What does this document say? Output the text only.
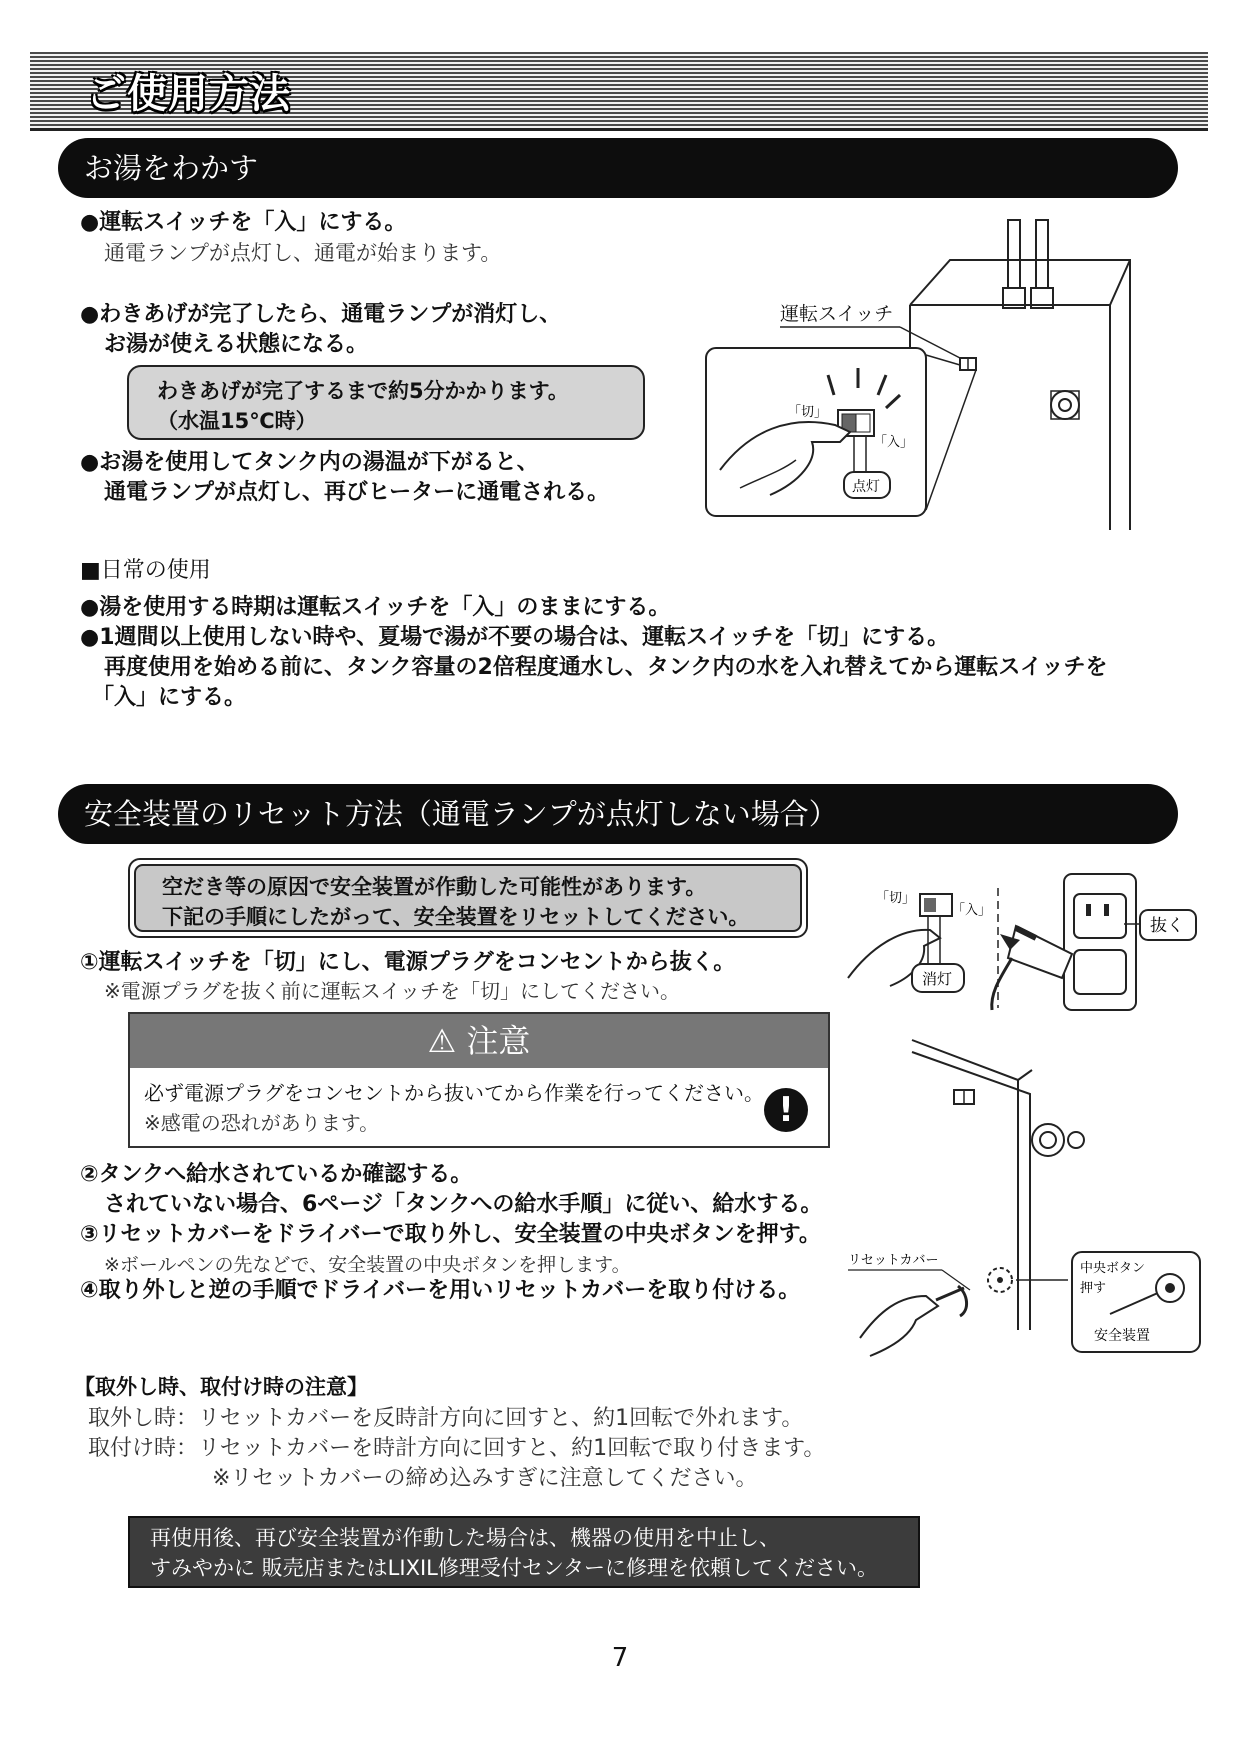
ご使用方法
お湯をわかす
●運転スイッチを「入」にする。
通電ランプが点灯し、通電が始まります。
●わきあげが完了したら、通電ランプが消灯し、
お湯が使える状態になる。
わきあげが完了するまで約5分かかります。
（水温15℃時）
●お湯を使用してタンク内の湯温が下がると、
通電ランプが点灯し、再びヒーターに通電される。
運転スイッチ
「切」
「入」
点灯
■日常の使用
●湯を使用する時期は運転スイッチを「入」のままにする。
●1週間以上使用しない時や、夏場で湯が不要の場合は、運転スイッチを「切」にする。
再度使用を始める前に、タンク容量の2倍程度通水し、タンク内の水を入れ替えてから運転スイッチを
「入」にする。
安全装置のリセット方法（通電ランプが点灯しない場合）
空だき等の原因で安全装置が作動した可能性があります。
下記の手順にしたがって、安全装置をリセットしてください。
①運転スイッチを「切」にし、電源プラグをコンセントから抜く。
※電源プラグを抜く前に運転スイッチを「切」にしてください。
⚠ 注意
必ず電源プラグをコンセントから抜いてから作業を行ってください。
※感電の恐れがあります。	!
②タンクへ給水されているか確認する。
されていない場合、6ページ「タンクへの給水手順」に従い、給水する。
③リセットカバーをドライバーで取り外し、安全装置の中央ボタンを押す。
※ボールペンの先などで、安全装置の中央ボタンを押します。
④取り外しと逆の手順でドライバーを用いリセットカバーを取り付ける。
「切」
「入」
消灯
抜く
リセットカバー
中央ボタン
押す
安全装置
【取外し時、取付け時の注意】
取外し時：リセットカバーを反時計方向に回すと、約1回転で外れます。
取付け時：リセットカバーを時計方向に回すと、約1回転で取り付きます。
※リセットカバーの締め込みすぎに注意してください。
再使用後、再び安全装置が作動した場合は、機器の使用を中止し、
すみやかに 販売店またはLIXIL修理受付センターに修理を依頼してください。
7
